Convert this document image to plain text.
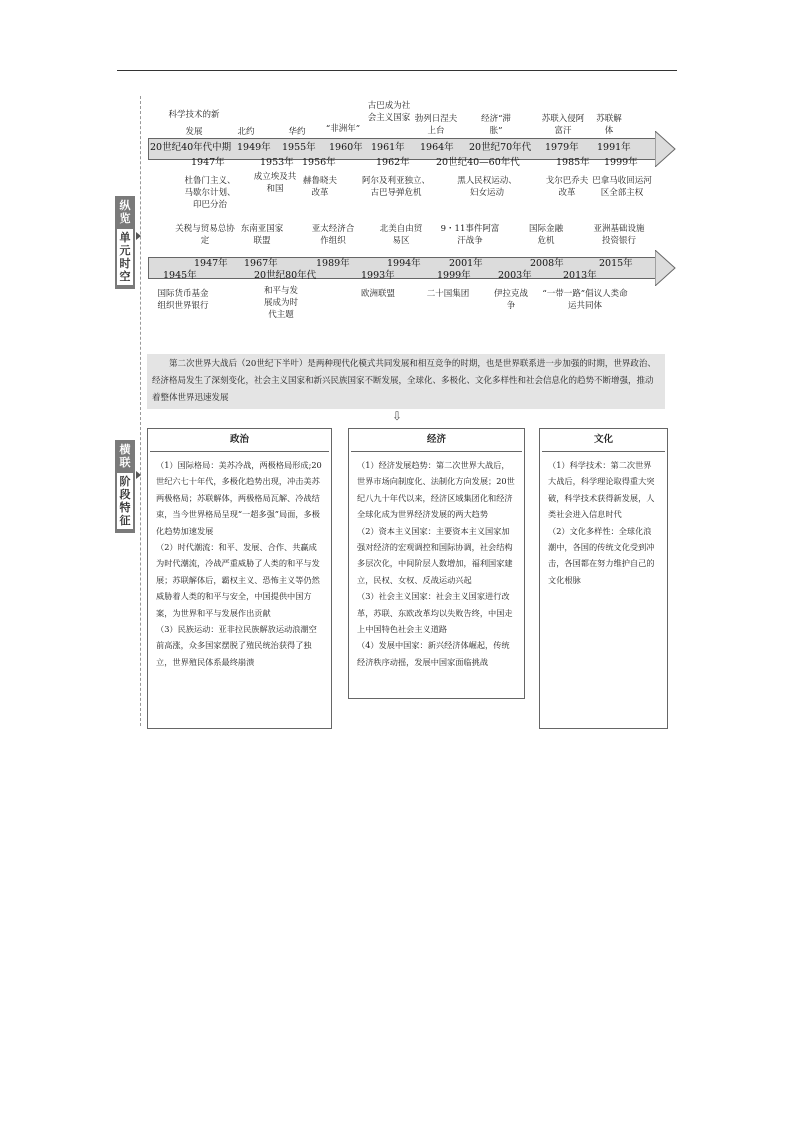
纵览
单元时空
科学技术的新发展	北约	华约	“非洲年”
古巴成为社会主义国家 勃列日涅夫上台
经济“滞胀”
苏联入侵阿富汗
苏联解体
20世纪40年代中期 1949年 1955年 1960年 1961年 1964年 20世纪70年代 1979年 1991年
1947年	1953年 1956年	1962年	20世纪40—60年代	1985年 1999年
杜鲁门主义、马歇尔计划、印巴分治
成立埃及共和国
赫鲁晓夫改革
阿尔及利亚独立、古巴导弹危机
黑人民权运动、妇女运动
戈尔巴乔夫改革
巴拿马收回运河区全部主权
关税与贸易总协定
东南亚国家联盟
亚太经济合作组织
北美自由贸易区
9・11事件阿富汗战争
国际金融危机
亚洲基础设施投资银行
1947年 1967年	1989年	1994年	2001年	2008年	2015年
1945年	20世纪80年代	1993年	1999年	2003年	2013年
国际货币基金组织世界银行
和平与发展成为时代主题
欧洲联盟	二十国集团	伊拉克战争
“一带一路”倡议人类命运共同体
第二次世界大战后（20世纪下半叶）是两种现代化模式共同发展和相互竞争的时期，也是世界联系进一步加强的时期，世界政治、经济格局发生了深刻变化，社会主义国家和新兴民族国家不断发展，全球化、多极化、文化多样性和社会信息化的趋势不断增强，推动着整体世界迅速发展
⇩
横联
阶段特征
政治

（1）国际格局：美苏冷战，两极格局形成;20世纪六七十年代，多极化趋势出现，冲击美苏两极格局；苏联解体，两极格局瓦解、冷战结束，当今世界格局呈现“一超多强”局面，多极化趋势加速发展

（2）时代潮流：和平、发展、合作、共赢成为时代潮流，冷战严重威胁了人类的和平与发展；苏联解体后，霸权主义、恐怖主义等仍然威胁着人类的和平与安全，中国提供中国方案，为世界和平与发展作出贡献

（3）民族运动：亚非拉民族解放运动浪潮空前高涨，众多国家摆脱了殖民统治获得了独立，世界殖民体系最终崩溃

经济

（1）经济发展趋势：第二次世界大战后，世界市场向制度化、法制化方向发展；20世纪八九十年代以来，经济区域集团化和经济全球化成为世界经济发展的两大趋势

（2）资本主义国家：主要资本主义国家加强对经济的宏观调控和国际协调，社会结构多层次化，中间阶层人数增加，福利国家建立，民权、女权、反战运动兴起

（3）社会主义国家：社会主义国家进行改革，苏联、东欧改革均以失败告终，中国走上中国特色社会主义道路

（4）发展中国家：新兴经济体崛起，传统经济秩序动摇，发展中国家面临挑战

文化

（1）科学技术：第二次世界大战后，科学理论取得重大突破，科学技术获得新发展，人类社会进入信息时代

（2）文化多样性：全球化浪潮中，各国的传统文化受到冲击，各国都在努力维护自己的文化根脉
